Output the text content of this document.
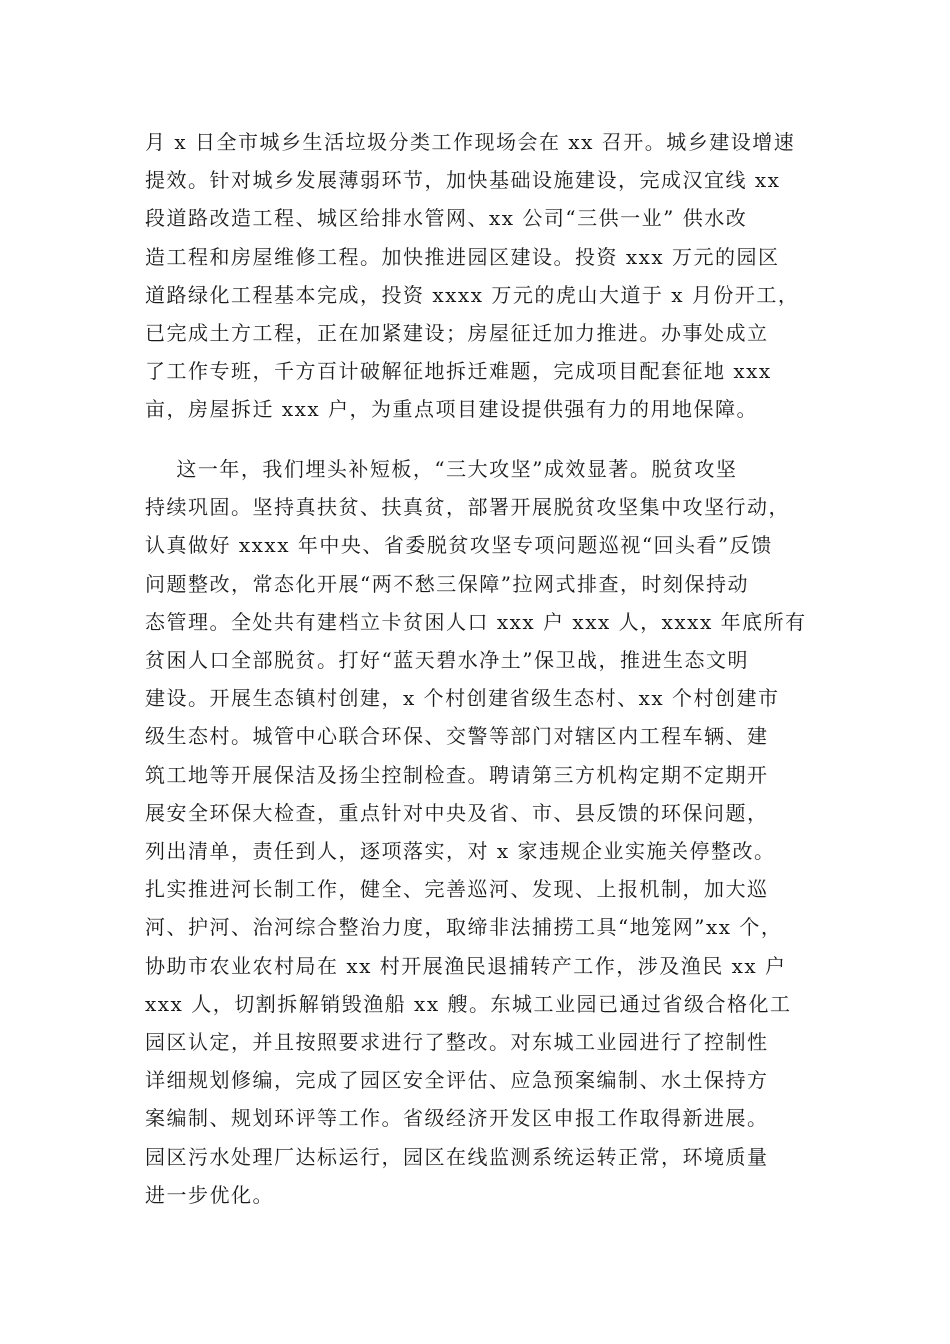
月 x 日全市城乡生活垃圾分类工作现场会在 xx 召开。城乡建设增速
提效。针对城乡发展薄弱环节，加快基础设施建设，完成汉宜线 xx
段道路改造工程、城区给排水管网、xx 公司“三供一业” 供水改
造工程和房屋维修工程。加快推进园区建设。投资 xxx 万元的园区
道路绿化工程基本完成，投资 xxxx 万元的虎山大道于 x 月份开工，
已完成土方工程，正在加紧建设；房屋征迁加力推进。办事处成立
了工作专班，千方百计破解征地拆迁难题，完成项目配套征地 xxx
亩，房屋拆迁 xxx 户，为重点项目建设提供强有力的用地保障。
这一年，我们埋头补短板，“三大攻坚”成效显著。脱贫攻坚
持续巩固。坚持真扶贫、扶真贫，部署开展脱贫攻坚集中攻坚行动，
认真做好 xxxx 年中央、省委脱贫攻坚专项问题巡视“回头看”反馈
问题整改，常态化开展“两不愁三保障”拉网式排查，时刻保持动
态管理。全处共有建档立卡贫困人口 xxx 户 xxx 人，xxxx 年底所有
贫困人口全部脱贫。打好“蓝天碧水净土”保卫战，推进生态文明
建设。开展生态镇村创建，x 个村创建省级生态村、xx 个村创建市
级生态村。城管中心联合环保、交警等部门对辖区内工程车辆、建
筑工地等开展保洁及扬尘控制检查。聘请第三方机构定期不定期开
展安全环保大检查，重点针对中央及省、市、县反馈的环保问题，
列出清单，责任到人，逐项落实，对 x 家违规企业实施关停整改。
扎实推进河长制工作，健全、完善巡河、发现、上报机制，加大巡
河、护河、治河综合整治力度，取缔非法捕捞工具“地笼网”xx 个，
协助市农业农村局在 xx 村开展渔民退捕转产工作，涉及渔民 xx 户
xxx 人，切割拆解销毁渔船 xx 艘。东城工业园已通过省级合格化工
园区认定，并且按照要求进行了整改。对东城工业园进行了控制性
详细规划修编，完成了园区安全评估、应急预案编制、水土保持方
案编制、规划环评等工作。省级经济开发区申报工作取得新进展。
园区污水处理厂达标运行，园区在线监测系统运转正常，环境质量
进一步优化。
